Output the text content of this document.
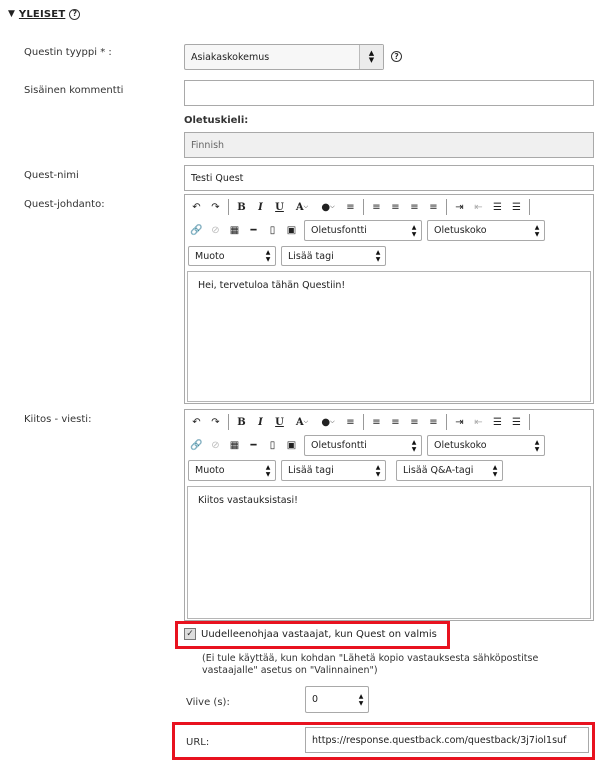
▼ YLEISET ?
Questin tyyppi * :	Asiakaskokemus	▲
▼	?
Sisäinen kommentti
Oletuskieli:
Finnish
Quest-nimi	Testi Quest
Quest-johdanto:	↶	↷	B	I	U	A ⌵	● ⌵	≡	≡	≡	≡	≡	⇥	⇤	☰	☰
🔗 ⊘	▦	━	▯	▣	Oletusfontti	▲
▼ Oletuskoko	▲
▼
Muoto	▲
▼ Lisää tagi	▲
▼
Hei, tervetuloa tähän Questiin!
Kiitos - viesti:	↶	↷	B	I	U	A ⌵	● ⌵	≡	≡	≡	≡	≡	⇥	⇤	☰	☰
🔗 ⊘	▦	━	▯	▣	Oletusfontti	▲
▼ Oletuskoko	▲
▼
Muoto	▲
▼ Lisää tagi	▲
▼ Lisää Q&A-tagi	▲
▼
Kiitos vastauksistasi!
✓ Uudelleenohjaa vastaajat, kun Quest on valmis
(Ei tule käyttää, kun kohdan "Lähetä kopio vastauksesta sähköpostitse
vastaajalle" asetus on "Valinnainen")
Viive (s):	0	▲
▼
URL:	https://response.questback.com/questback/3j7iol1suf
